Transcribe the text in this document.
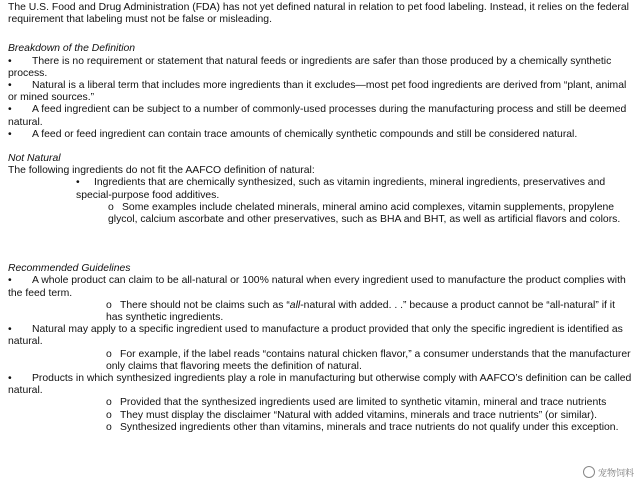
The U.S. Food and Drug Administration (FDA) has not yet defined natural in relation to pet food labeling. Instead, it relies on the federal requirement that labeling must not be false or misleading.

Breakdown of the Definition

• There is no requirement or statement that natural feeds or ingredients are safer than those produced by a chemically synthetic process.

• Natural is a liberal term that includes more ingredients than it excludes—most pet food ingredients are derived from “plant, animal or mined sources.”

• A feed ingredient can be subject to a number of commonly-used processes during the manufacturing process and still be deemed natural.

• A feed or feed ingredient can contain trace amounts of chemically synthetic compounds and still be considered natural.

Not Natural

The following ingredients do not fit the AAFCO definition of natural:

• Ingredients that are chemically synthesized, such as vitamin ingredients, mineral ingredients, preservatives and special-purpose food additives.

o Some examples include chelated minerals, mineral amino acid complexes, vitamin supplements, propylene glycol, calcium ascorbate and other preservatives, such as BHA and BHT, as well as artificial flavors and colors.

Recommended Guidelines

• A whole product can claim to be all-natural or 100% natural when every ingredient used to manufacture the product complies with the feed term.

o There should not be claims such as “all-natural with added. . .” because a product cannot be “all-natural” if it has synthetic ingredients.

• Natural may apply to a specific ingredient used to manufacture a product provided that only the specific ingredient is identified as natural.

o For example, if the label reads “contains natural chicken flavor,” a consumer understands that the manufacturer only claims that flavoring meets the definition of natural.

• Products in which synthesized ingredients play a role in manufacturing but otherwise comply with AAFCO’s definition can be called natural.

o Provided that the synthesized ingredients used are limited to synthetic vitamin, mineral and trace nutrients

o They must display the disclaimer “Natural with added vitamins, minerals and trace nutrients” (or similar).

o Synthesized ingredients other than vitamins, minerals and trace nutrients do not qualify under this exception.

宠物饲料
